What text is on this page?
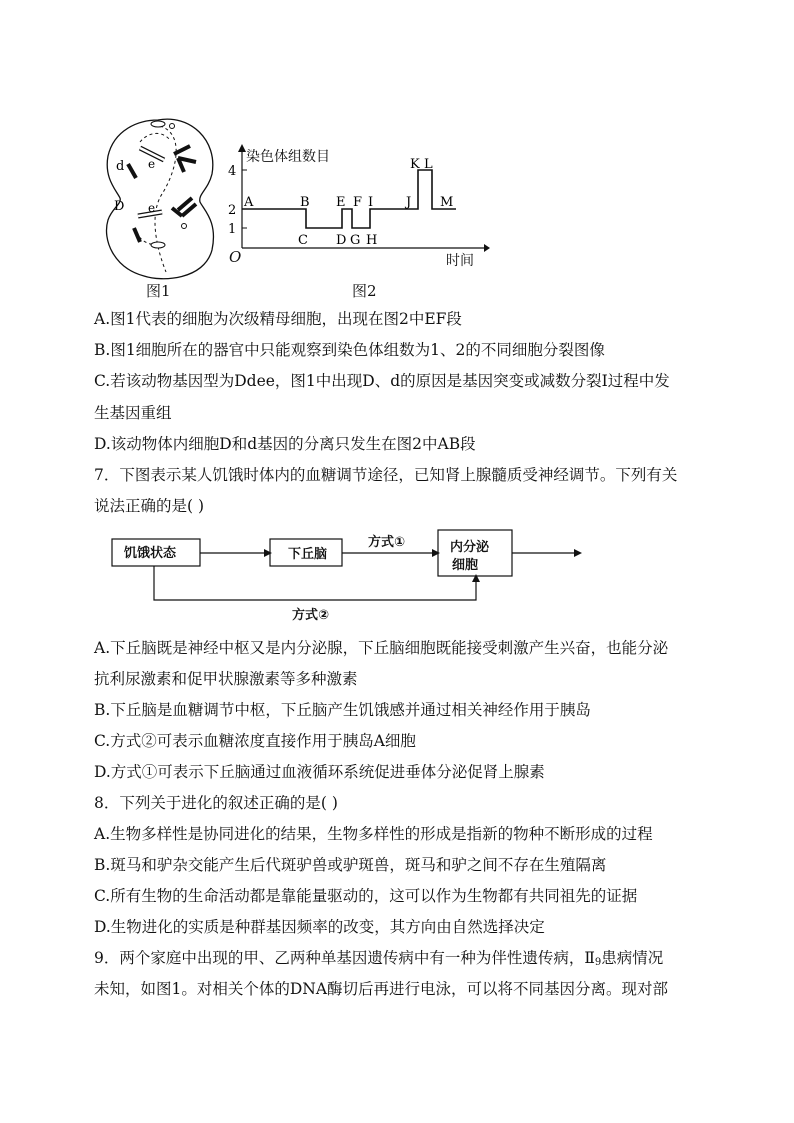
d e
D e
图1
4
2
1
A	B E F I	J
K L
M
C D G H
染色体组数目
时间
O
图2
A.图1代表的细胞为次级精母细胞，出现在图2中EF段
B.图1细胞所在的器官中只能观察到染色体组数为1、2的不同细胞分裂图像
C.若该动物基因型为Ddee，图1中出现D、d的原因是基因突变或减数分裂Ⅰ过程中发
生基因重组
D.该动物体内细胞D和d基因的分离只发生在图2中AB段
7．下图表示某人饥饿时体内的血糖调节途径，已知肾上腺髓质受神经调节。下列有关
说法正确的是( )
饥饿状态	下丘脑	内分泌
细胞
方式①
方式②
A.下丘脑既是神经中枢又是内分泌腺，下丘脑细胞既能接受刺激产生兴奋，也能分泌
抗利尿激素和促甲状腺激素等多种激素
B.下丘脑是血糖调节中枢，下丘脑产生饥饿感并通过相关神经作用于胰岛
C.方式②可表示血糖浓度直接作用于胰岛A细胞
D.方式①可表示下丘脑通过血液循环系统促进垂体分泌促肾上腺素
8．下列关于进化的叙述正确的是( )
A.生物多样性是协同进化的结果，生物多样性的形成是指新的物种不断形成的过程
B.斑马和驴杂交能产生后代斑驴兽或驴斑兽，斑马和驴之间不存在生殖隔离
C.所有生物的生命活动都是靠能量驱动的，这可以作为生物都有共同祖先的证据
D.生物进化的实质是种群基因频率的改变，其方向由自然选择决定
9．两个家庭中出现的甲、乙两种单基因遗传病中有一种为伴性遗传病，Ⅱ9患病情况
未知，如图1。对相关个体的DNA酶切后再进行电泳，可以将不同基因分离。现对部
